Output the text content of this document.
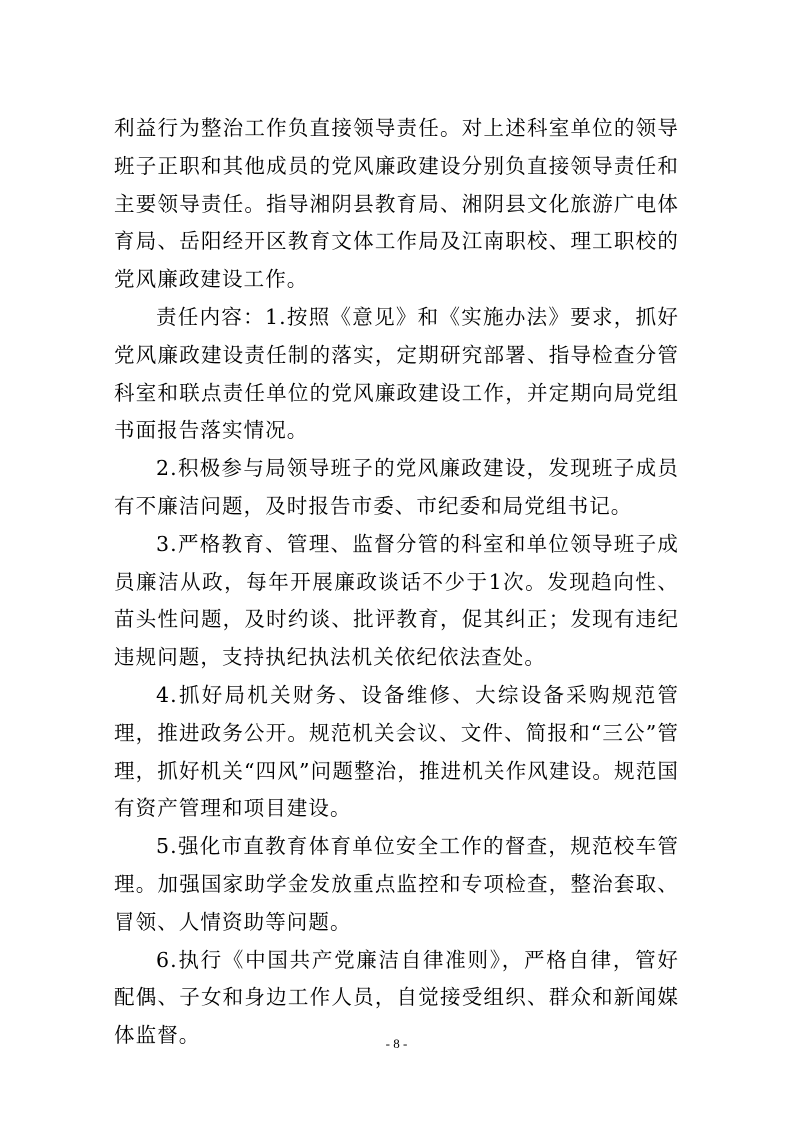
利益行为整治工作负直接领导责任。对上述科室单位的领导班子正职和其他成员的党风廉政建设分别负直接领导责任和主要领导责任。指导湘阴县教育局、湘阴县文化旅游广电体育局、岳阳经开区教育文体工作局及江南职校、理工职校的党风廉政建设工作。

责任内容：1.按照《意见》和《实施办法》要求，抓好党风廉政建设责任制的落实，定期研究部署、指导检查分管科室和联点责任单位的党风廉政建设工作，并定期向局党组书面报告落实情况。

2.积极参与局领导班子的党风廉政建设，发现班子成员有不廉洁问题，及时报告市委、市纪委和局党组书记。

3.严格教育、管理、监督分管的科室和单位领导班子成员廉洁从政，每年开展廉政谈话不少于1次。发现趋向性、苗头性问题，及时约谈、批评教育，促其纠正；发现有违纪违规问题，支持执纪执法机关依纪依法查处。

4.抓好局机关财务、设备维修、大综设备采购规范管理，推进政务公开。规范机关会议、文件、简报和“三公”管理，抓好机关“四风”问题整治，推进机关作风建设。规范国有资产管理和项目建设。

5.强化市直教育体育单位安全工作的督查，规范校车管理。加强国家助学金发放重点监控和专项检查，整治套取、冒领、人情资助等问题。

6.执行《中国共产党廉洁自律准则》，严格自律，管好配偶、子女和身边工作人员，自觉接受组织、群众和新闻媒体监督。	- 8 -
